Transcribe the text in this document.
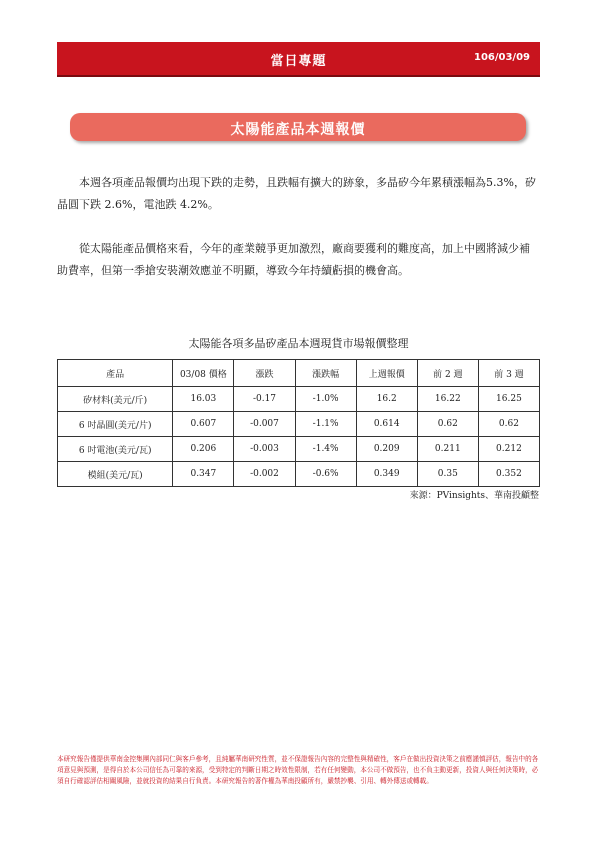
當日專題	106/03/09
太陽能產品本週報價

本週各項產品報價均出現下跌的走勢，且跌幅有擴大的跡象，多晶矽今年累積漲幅為5.3%，矽晶圓下跌 2.6%，電池跌 4.2%。

從太陽能產品價格來看，今年的產業競爭更加激烈，廠商要獲利的難度高，加上中國將減少補助費率，但第一季搶安裝潮效應並不明顯，導致今年持續虧損的機會高。

太陽能各項多晶矽產品本週現貨市場報價整理
產品	03/08 價格	漲跌	漲跌幅	上週報價	前 2 週	前 3 週
矽材料(美元/斤)	16.03	-0.17	-1.0%	16.2	16.22	16.25
6 吋晶圓(美元/片)	0.607	-0.007	-1.1%	0.614	0.62	0.62
6 吋電池(美元/瓦)	0.206	-0.003	-1.4%	0.209	0.211	0.212
模組(美元/瓦)	0.347	-0.002	-0.6%	0.349	0.35	0.352
來源：PVinsights、華南投顧整

本研究報告僅提供華南金控集團內部同仁與客戶參考，且純屬華南研究性質，並不保證報告內容的完整性與精確性，客戶在做出投資決策之前應謹慎評估，報告中的各項意見與預測，是得自於本公司信任為可靠的來源，受到特定的判斷日期之時效性限制，若有任何變動，本公司不做預告，也不負主動更新，投資人與任何決策時，必須自行確認評估相關風險，並就投資的結果自行負責。本研究報告的著作權為華南投顧所有，嚴禁抄襲、引用、轉外傳送或轉載。
